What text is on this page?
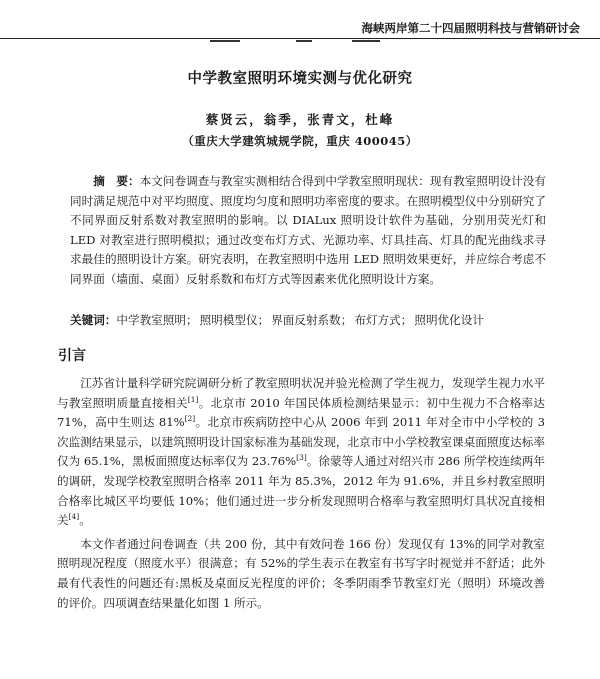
海峡两岸第二十四届照明科技与营销研讨会
中学教室照明环境实测与优化研究
蔡贤云，翁季，张青文，杜峰
（重庆大学建筑城规学院，重庆 400045）

摘　要：本文问卷调查与教室实测相结合得到中学教室照明现状：现有教室照明设计没有同时满足规范中对平均照度、照度均匀度和照明功率密度的要求。在照明模型仪中分别研究了不同界面反射系数对教室照明的影响。以 DIALux 照明设计软件为基础，分别用荧光灯和 LED 对教室进行照明模拟；通过改变布灯方式、光源功率、灯具挂高、灯具的配光曲线求寻求最佳的照明设计方案。研究表明，在教室照明中选用 LED 照明效果更好，并应综合考虑不同界面（墙面、桌面）反射系数和布灯方式等因素来优化照明设计方案。

关键词：中学教室照明； 照明模型仪； 界面反射系数； 布灯方式； 照明优化设计
引言

江苏省计量科学研究院调研分析了教室照明状况并验光检测了学生视力，发现学生视力水平与教室照明质量直接相关[1]。北京市 2010 年国民体质检测结果显示：初中生视力不合格率达 71%，高中生则达 81%[2]。北京市疾病防控中心从 2006 年到 2011 年对全市中小学校的 3 次监测结果显示，以建筑照明设计国家标准为基础发现，北京市中小学校教室课桌面照度达标率仅为 65.1%，黑板面照度达标率仅为 23.76%[3]。徐蒙等人通过对绍兴市 286 所学校连续两年的调研，发现学校教室照明合格率 2011 年为 85.3%，2012 年为 91.6%，并且乡村教室照明合格率比城区平均要低 10%；他们通过进一步分析发现照明合格率与教室照明灯具状况直接相关[4]。

本文作者通过问卷调查（共 200 份，其中有效问卷 166 份）发现仅有 13%的同学对教室照明现况程度（照度水平）很满意；有 52%的学生表示在教室有书写字时视觉并不舒适；此外最有代表性的问题还有:黑板及桌面反光程度的评价；冬季阴雨季节教室灯光（照明）环境改善的评价。四项调查结果量化如图 1 所示。
